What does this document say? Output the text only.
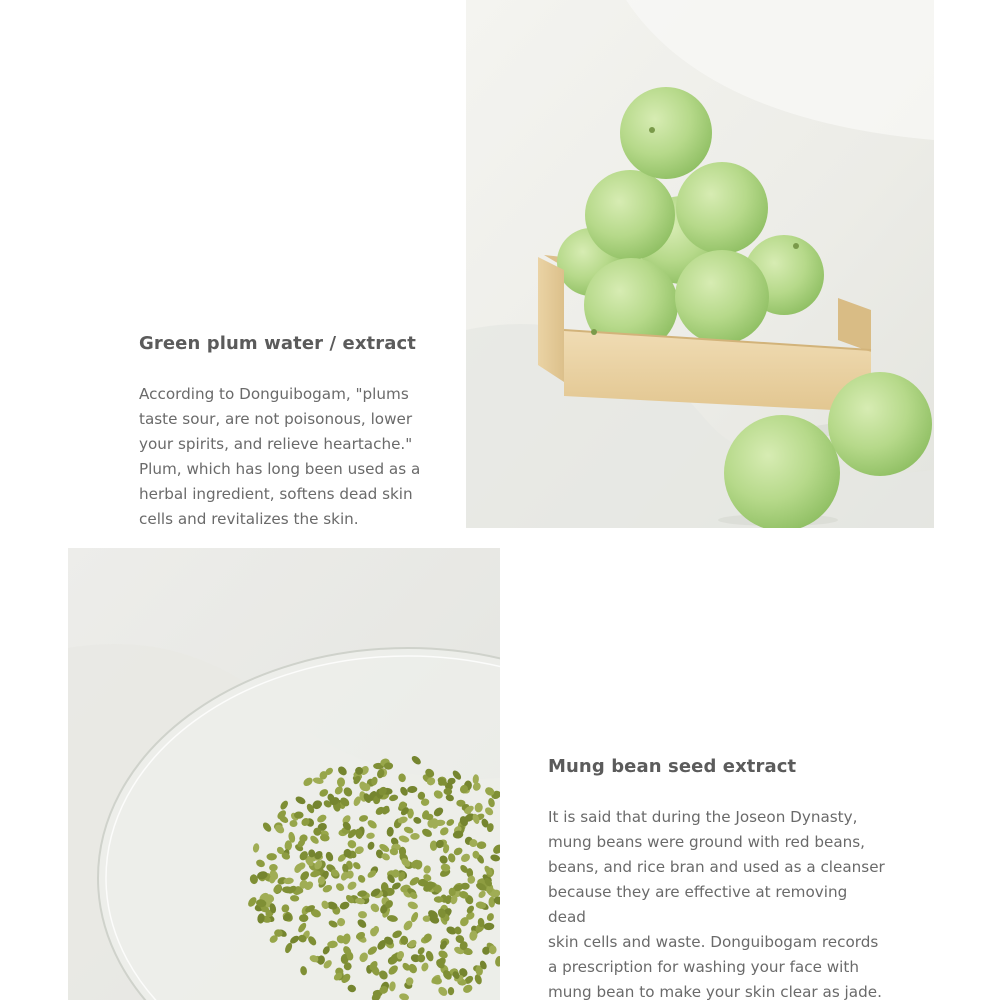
Green plum water / extract

According to Donguibogam, "plums
taste sour, are not poisonous, lower
your spirits, and relieve heartache."
Plum, which has long been used as a
herbal ingredient, softens dead skin
cells and revitalizes the skin.

Mung bean seed extract

It is said that during the Joseon Dynasty,
mung beans were ground with red beans,
beans, and rice bran and used as a cleanser
because they are effective at removing dead
skin cells and waste. Donguibogam records
a prescription for washing your face with
mung bean to make your skin clear as jade.
